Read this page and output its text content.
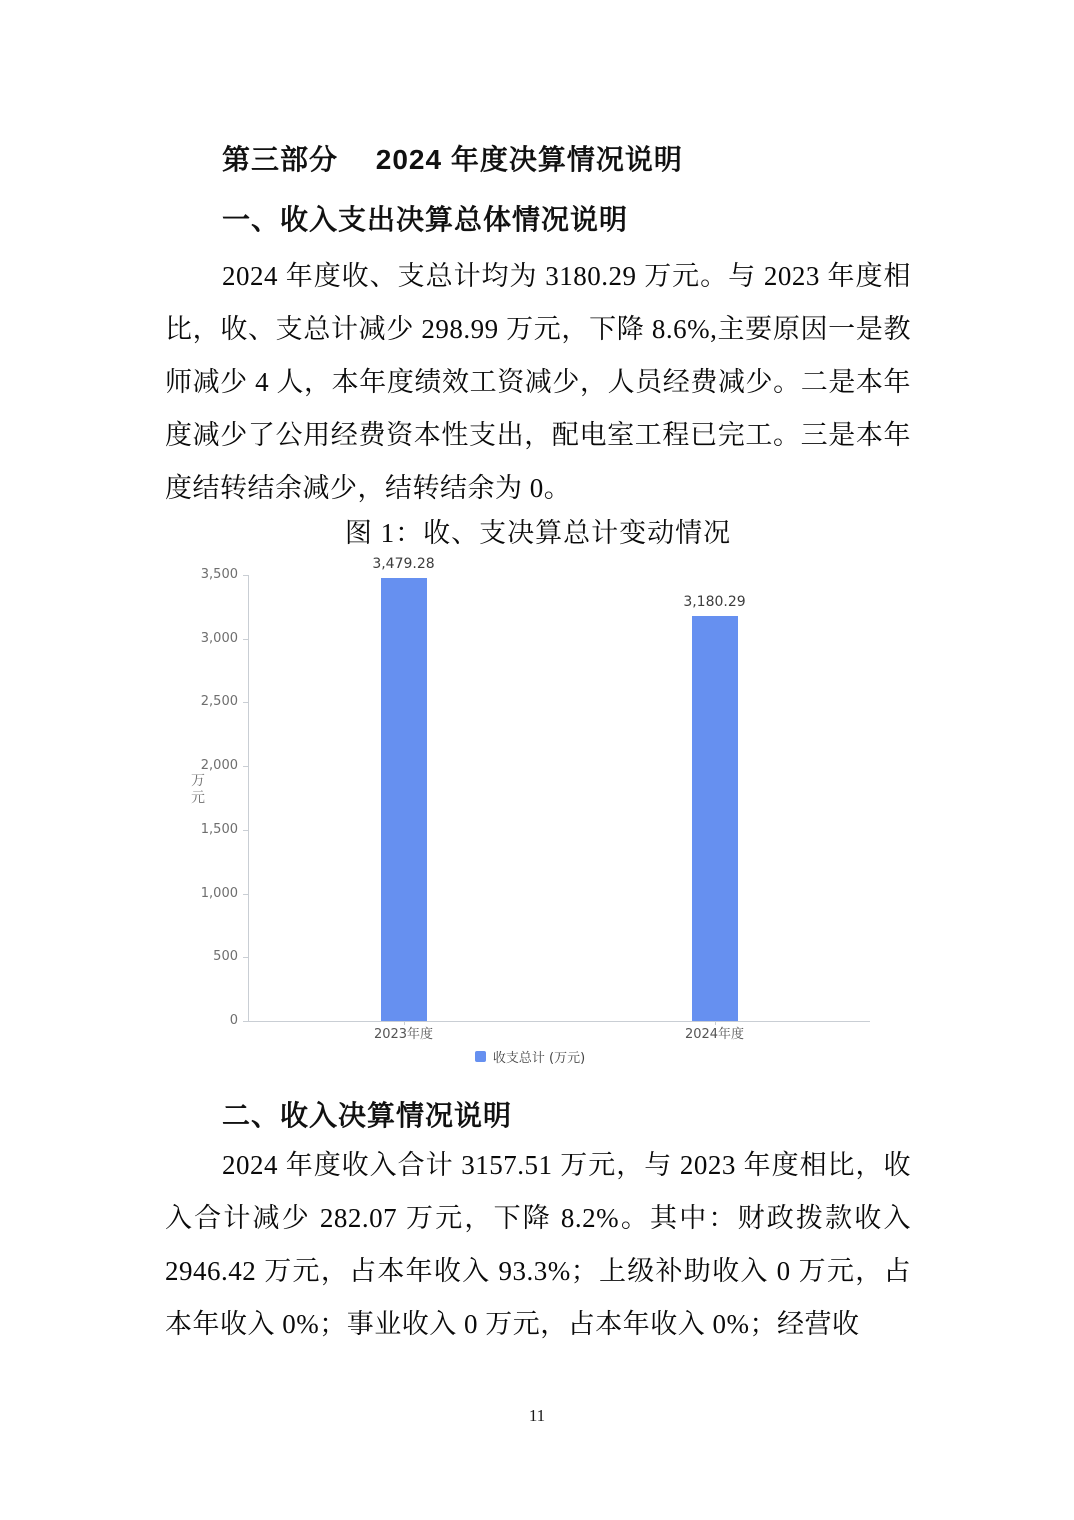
第三部分　 2024 年度决算情况说明
一、收入支出决算总体情况说明
2024 年度收、支总计均为 3180.29 万元。与 2023 年度相比，收、支总计减少 298.99 万元，下降 8.6%,主要原因一是教师减少 4 人，本年度绩效工资减少，人员经费减少。二是本年度减少了公用经费资本性支出，配电室工程已完工。三是本年度结转结余减少，结转结余为 0。
图 1：收、支决算总计变动情况
万元
收支总计 (万元)
3,500
3,000
2,500
2,000
1,500
1,000
500
0
3,479.28
2023年度
3,180.29
2024年度
二、收入决算情况说明
2024 年度收入合计 3157.51 万元，与 2023 年度相比，收入合计减少 282.07 万元，下降 8.2%。其中：财政拨款收入 2946.42 万元，占本年收入 93.3%；上级补助收入 0 万元，占本年收入 0%；事业收入 0 万元，占本年收入 0%；经营收
11
